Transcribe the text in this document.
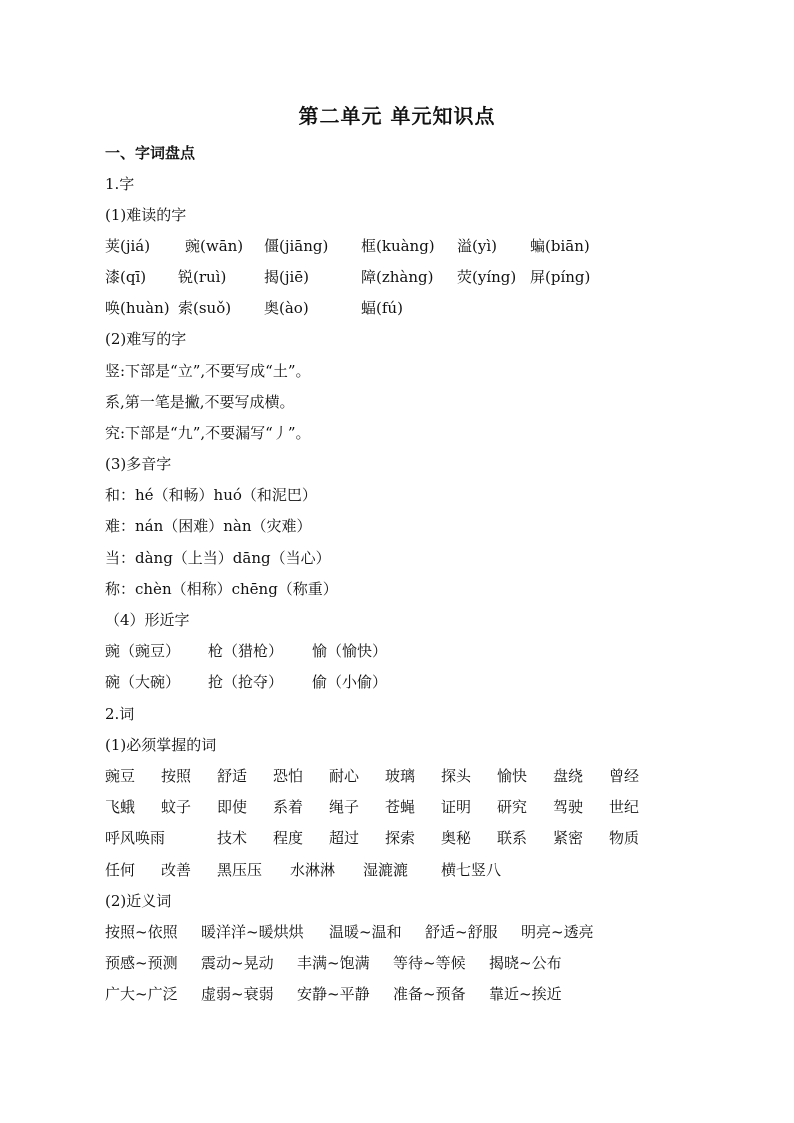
第二单元 单元知识点
一、字词盘点
1.字
(1)难读的字
荚(jiá) 豌(wān) 僵(jiāng) 框(kuàng) 溢(yì) 蝙(biān)
漆(qī) 锐(ruì)	揭(jiē)	障(zhàng) 荧(yíng) 屏(píng)
唤(huàn) 索(suǒ) 奥(ào)	蝠(fú)
(2)难写的字
竖:下部是“立”,不要写成“土”。
系,第一笔是撇,不要写成横。
究:下部是“九”,不要漏写“丿”。
(3)多音字
和：hé（和畅）huó（和泥巴）
难：nán（困难）nàn（灾难）
当：dàng（上当）dāng（当心）
称：chèn（相称）chēng（称重）
（4）形近字
豌（豌豆） 枪（猎枪） 愉（愉快）
碗（大碗） 抢（抢夺） 偷（小偷）
2.词
(1)必须掌握的词
豌豆 按照 舒适 恐怕 耐心 玻璃 探头 愉快 盘绕 曾经
飞蛾 蚊子 即使 系着 绳子 苍蝇 证明 研究 驾驶 世纪
呼风唤雨	技术 程度 超过 探索 奥秘 联系 紧密 物质
任何 改善 黑压压 水淋淋 湿漉漉 横七竖八
(2)近义词
按照~依照 暖洋洋~暖烘烘 温暖~温和 舒适~舒服 明亮~透亮
预感~预测 震动~晃动 丰满~饱满 等待~等候 揭晓~公布
广大~广泛 虚弱~衰弱 安静~平静 准备~预备 靠近~挨近
